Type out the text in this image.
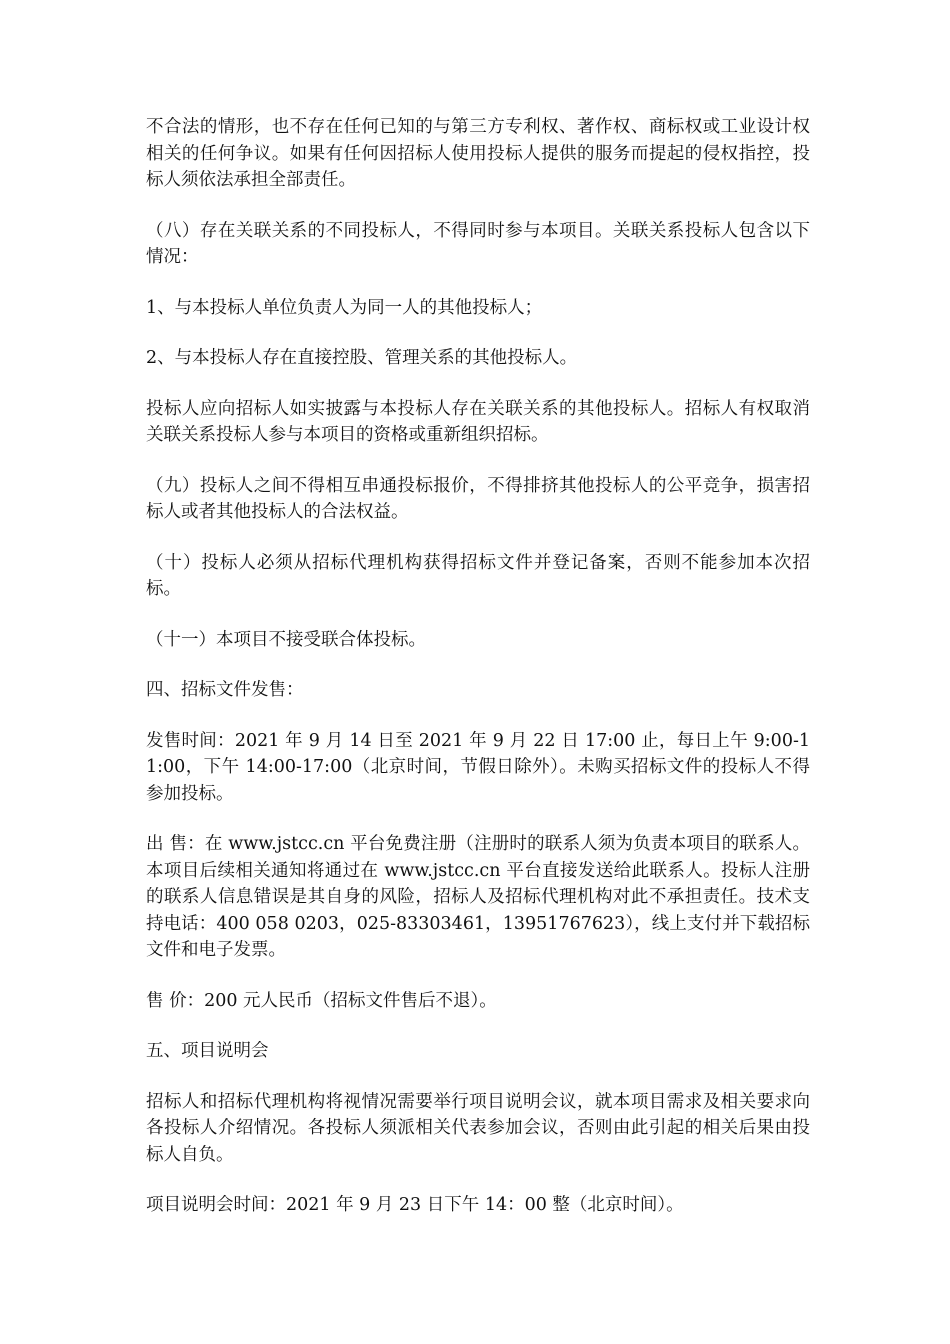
不合法的情形，也不存在任何已知的与第三方专利权、著作权、商标权或工业设计权相关的任何争议。如果有任何因招标人使用投标人提供的服务而提起的侵权指控，投标人须依法承担全部责任。

（八）存在关联关系的不同投标人，不得同时参与本项目。关联关系投标人包含以下情况：

1、与本投标人单位负责人为同一人的其他投标人；

2、与本投标人存在直接控股、管理关系的其他投标人。

投标人应向招标人如实披露与本投标人存在关联关系的其他投标人。招标人有权取消关联关系投标人参与本项目的资格或重新组织招标。

（九）投标人之间不得相互串通投标报价，不得排挤其他投标人的公平竞争，损害招标人或者其他投标人的合法权益。

（十）投标人必须从招标代理机构获得招标文件并登记备案，否则不能参加本次招标。

（十一）本项目不接受联合体投标。

四、招标文件发售：

发售时间：2021 年 9 月 14 日至 2021 年 9 月 22 日 17:00 止，每日上午 9:00-11:00，下午 14:00-17:00（北京时间，节假日除外）。未购买招标文件的投标人不得参加投标。

出 售：在 www.jstcc.cn 平台免费注册（注册时的联系人须为负责本项目的联系人。本项目后续相关通知将通过在 www.jstcc.cn 平台直接发送给此联系人。投标人注册的联系人信息错误是其自身的风险，招标人及招标代理机构对此不承担责任。技术支持电话：400 058 0203，025-83303461，13951767623），线上支付并下载招标文件和电子发票。

售 价：200 元人民币（招标文件售后不退）。

五、项目说明会

招标人和招标代理机构将视情况需要举行项目说明会议，就本项目需求及相关要求向各投标人介绍情况。各投标人须派相关代表参加会议，否则由此引起的相关后果由投标人自负。

项目说明会时间：2021 年 9 月 23 日下午 14：00 整（北京时间）。
